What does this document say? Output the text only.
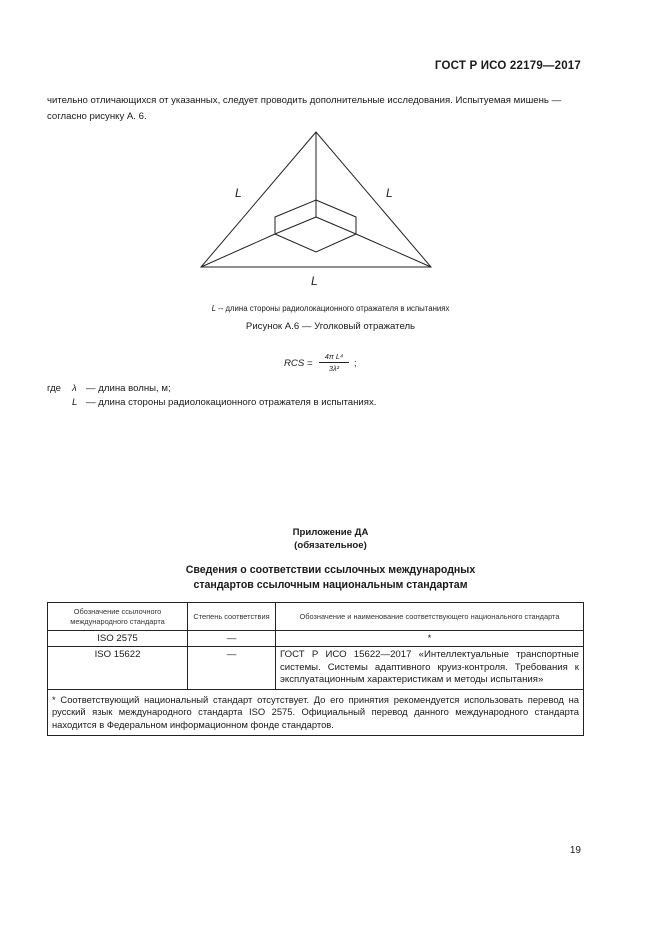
ГОСТ Р ИСО 22179—2017
чительно отличающихся от указанных, следует проводить дополнительные исследования. Испытуемая мишень —
согласно рисунку А. 6.
L	L
L
L -- длина стороны радиолокационного отражателя в испытаниях
Рисунок А.6 — Уголковый отражатель
RCS = $\frac{\text{4π L⁴}}{\text{3λ²}}$ ;
где	λ — длина волны, м;
L — длина стороны радиолокационного отражателя в испытаниях.
Приложение ДА
(обязательное)
Сведения о соответствии ссылочных международных
стандартов ссылочным национальным стандартам
Обозначение ссылочного международного стандарта	Степень соответствия	Обозначение и наименование соответствующего национального стандарта
ISO 2575	—	*
ISO 15622	—	ГОСТ Р ИСО 15622—2017 «Интеллектуальные транспортные системы. Системы адаптивного круиз-контроля. Требования к эксплуатационным характеристикам и методы испытания»
* Соответствующий национальный стандарт отсутствует. До его принятия рекомендуется использовать перевод на русский язык международного стандарта ISO 2575. Официальный перевод данного международного стандарта находится в Федеральном информационном фонде стандартов.		
19
